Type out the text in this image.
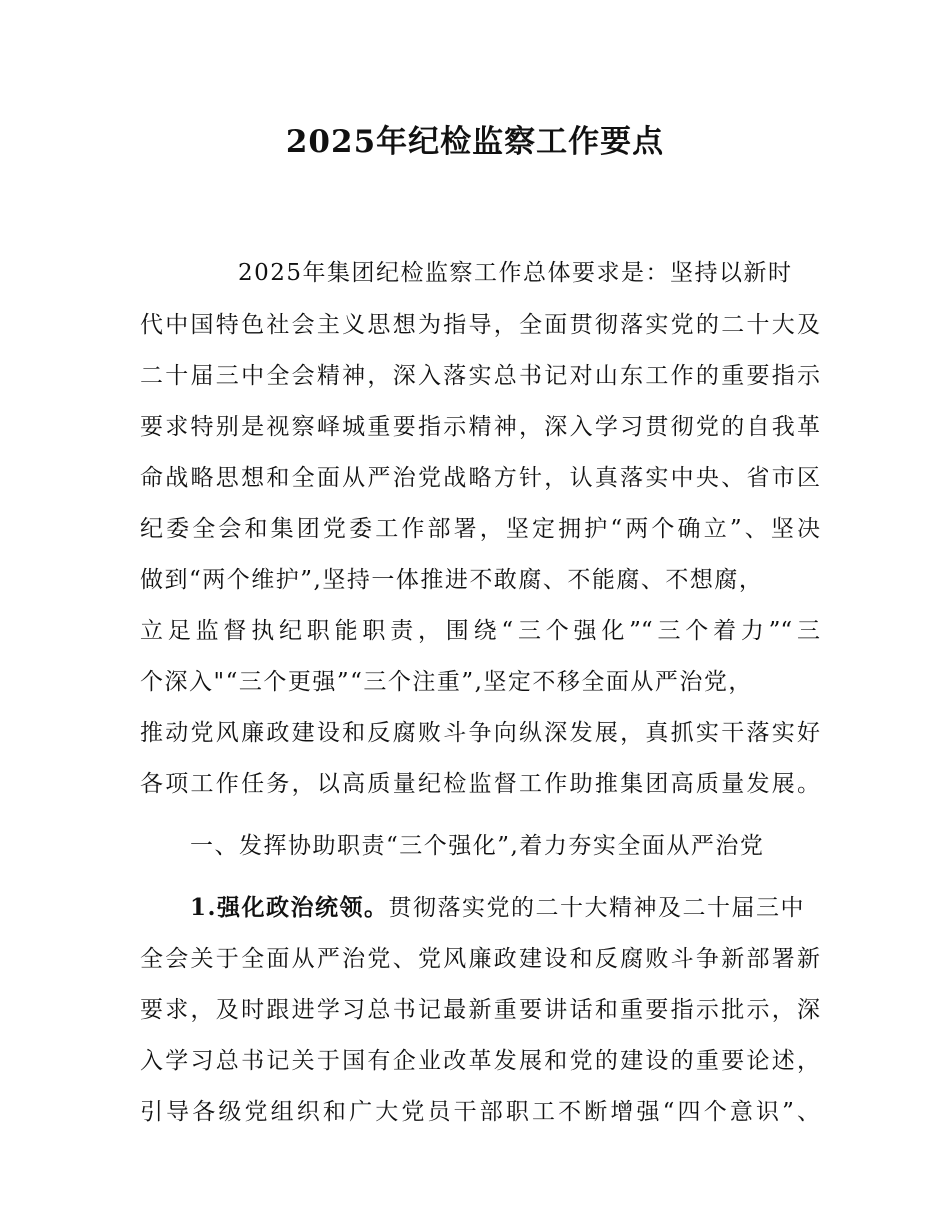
2025年纪检监察工作要点
2025年集团纪检监察工作总体要求是：坚持以新时
代中国特色社会主义思想为指导，全面贯彻落实党的二十大及
二十届三中全会精神，深入落实总书记对山东工作的重要指示
要求特别是视察峄城重要指示精神，深入学习贯彻党的自我革
命战略思想和全面从严治党战略方针，认真落实中央、省市区
纪委全会和集团党委工作部署，坚定拥护“两个确立”、坚决
做到“两个维护”,坚持一体推进不敢腐、不能腐、不想腐，
立足监督执纪职能职责，围绕“三个强化”“三个着力”“三
个深入"“三个更强”“三个注重”,坚定不移全面从严治党，
推动党风廉政建设和反腐败斗争向纵深发展，真抓实干落实好
各项工作任务，以高质量纪检监督工作助推集团高质量发展。
一、发挥协助职责“三个强化”,着力夯实全面从严治党
1.强化政治统领。贯彻落实党的二十大精神及二十届三中
全会关于全面从严治党、党风廉政建设和反腐败斗争新部署新
要求，及时跟进学习总书记最新重要讲话和重要指示批示，深
入学习总书记关于国有企业改革发展和党的建设的重要论述，
引导各级党组织和广大党员干部职工不断增强“四个意识”、
